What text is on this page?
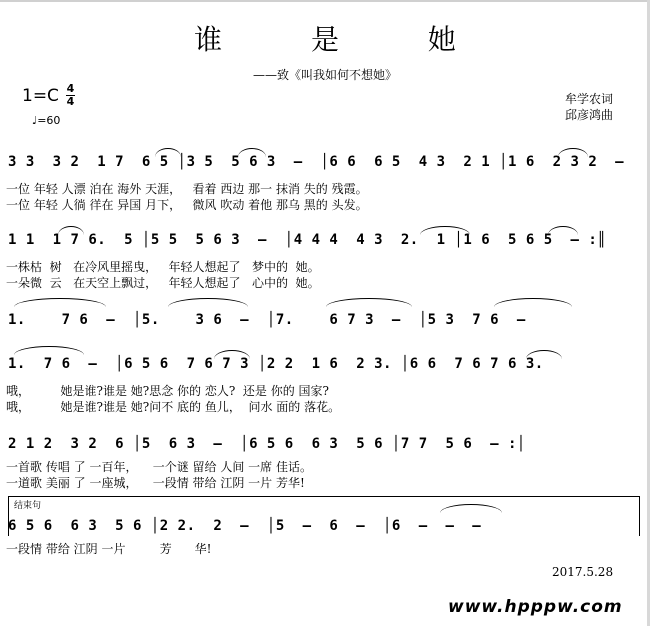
谁 是 她
——致《叫我如何不想她》
1=C 4
4
♩=60
牟学农词
邱彦鸿曲
3 3  3 2  1 7  6 5 │3 5  5 6 3  –  │6 6  6 5  4 3  2 1 │1 6  2 3 2  –
一位 年轻 人漂 泊在 海外 天涯，   看着 西边 那一 抹消 失的 残霞。
一位 年轻 人徜 徉在 异国 月下，   微风 吹动 着他 那乌 黑的 头发。
1 1  1 7 6.  5 │5 5  5 6 3  –  │4 4 4  4 3  2.  1 │1 6  5 6 5  – :║
一株枯  树   在冷风里摇曳，   年轻人想起了   梦中的  她。
一朵微  云   在天空上飘过，   年轻人想起了   心中的  她。
1.    7 6  –  │5.    3 6  –  │7.    6 7 3  –  │5 3  7 6  –
1.  7 6  –  │6 5 6  7 6 7 3 │2 2  1 6  2 3. │6 6  7 6 7 6 3.
哦，        她是谁?谁是 她?思念 你的 恋人?  还是 你的 国家?
哦，        她是谁?谁是 她?问不 底的 鱼儿，  问水 面的 落花。
2 1 2  3 2  6 │5  6 3  –  │6 5 6  6 3  5 6 │7 7  5 6  – :│
一首歌 传唱 了 一百年，    一个谜 留给 人间 一席 佳话。
一道歌 美丽 了 一座城，    一段情 带给 江阴 一片 芳华!
结束句
6 5 6  6 3  5 6 │2 2.  2  –  │5  –  6  –  │6  –  –  –
一段情 带给 江阴 一片         芳      华!
2017.5.28
www.hpppw.com
